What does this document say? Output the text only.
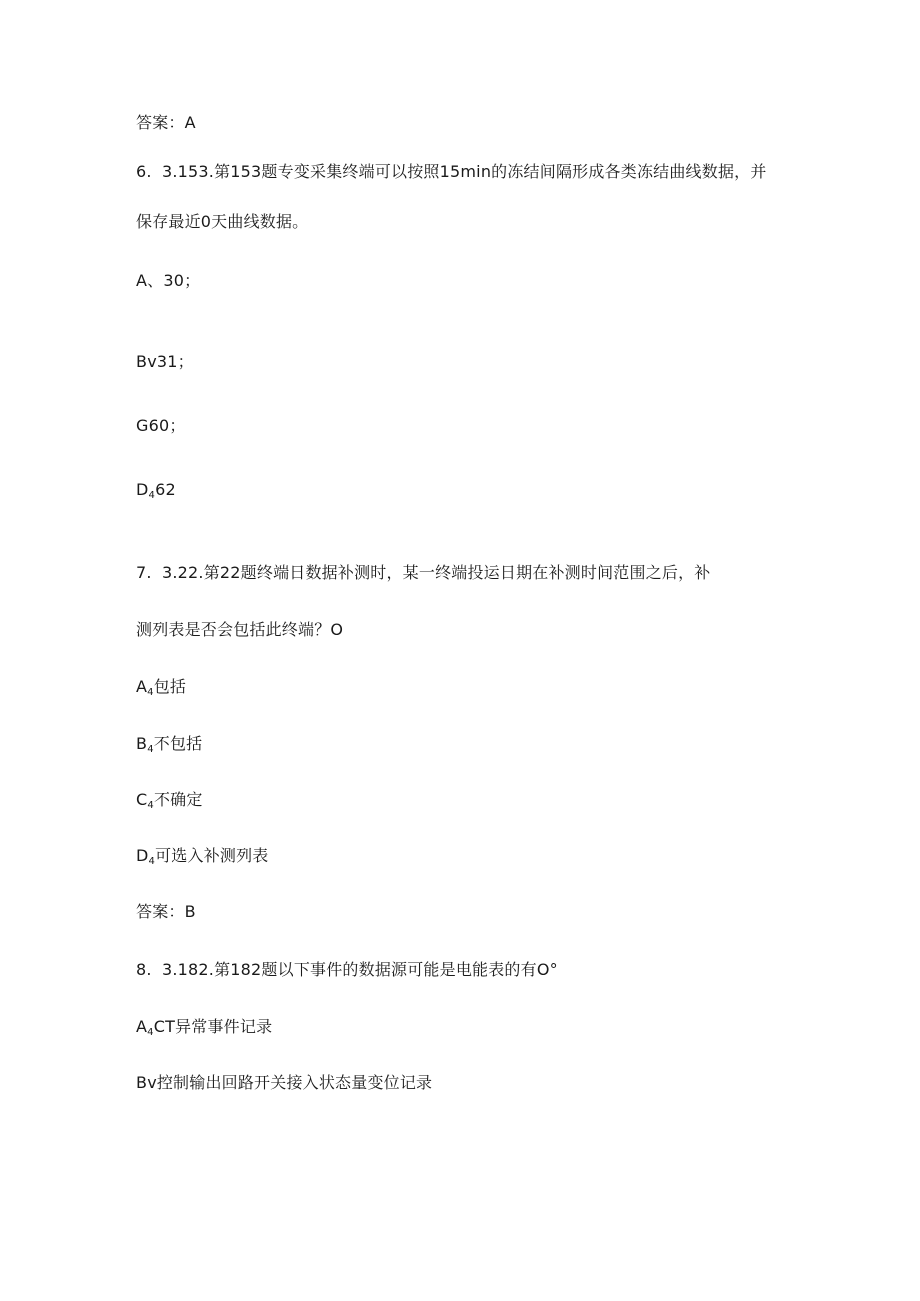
答案：A
6. 3.153.第153题专变采集终端可以按照15min的冻结间隔形成各类冻结曲线数据，并
保存最近0天曲线数据。
A、30；
Bv31；
G60；
$D_462$
7. 3.22.第22题终端日数据补测时，某一终端投运日期在补测时间范围之后，补
测列表是否会包括此终端？O
$A_4$包括
$B_4$不包括
$C_4$不确定
$D_4$可选入补测列表
答案：B
8. 3.182.第182题以下事件的数据源可能是电能表的有O°
$A_4CT$异常事件记录
Bv控制输出回路开关接入状态量变位记录
